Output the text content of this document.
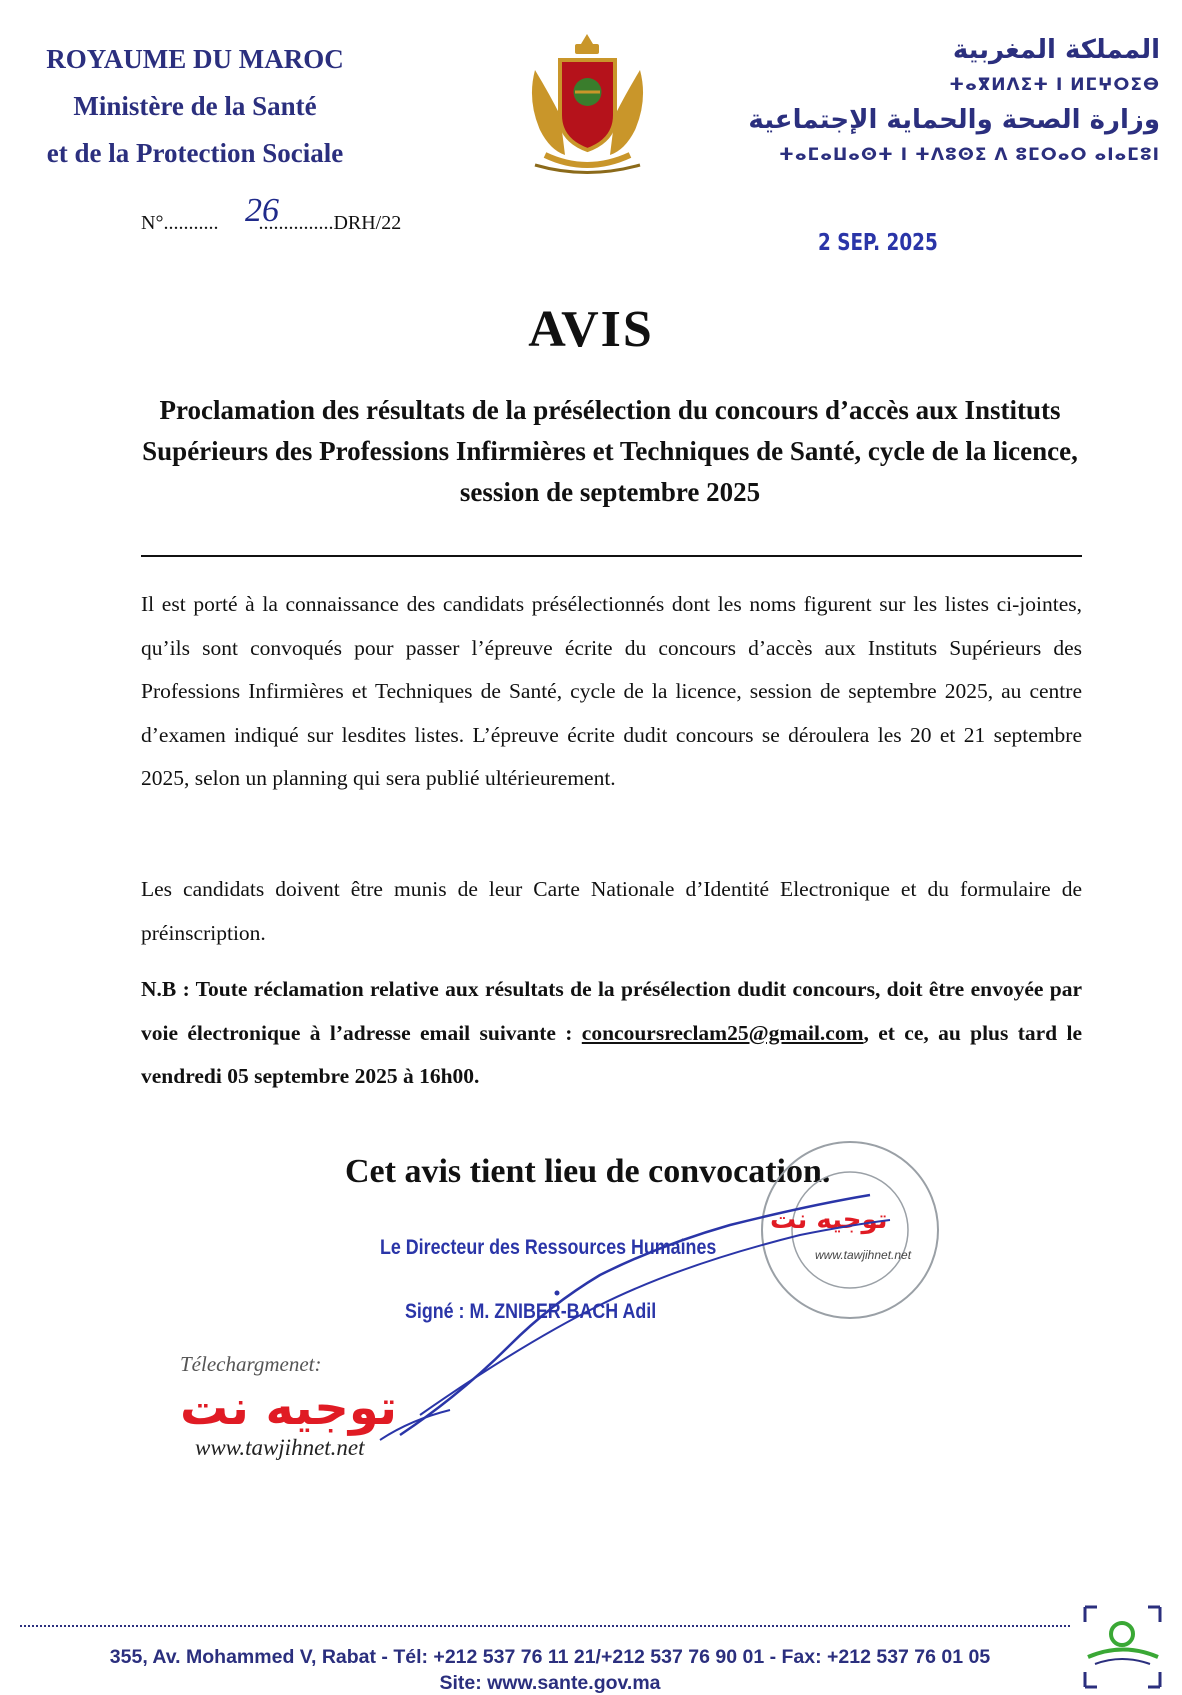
ROYAUME DU MAROC
Ministère de la Santé
et de la Protection Sociale
المملكة المغربية
ⵜⴰⴳⵍⴷⵉⵜ ⵏ ⵍⵎⵖⵔⵉⴱ
وزارة الصحة والحماية الإجتماعية
ⵜⴰⵎⴰⵡⴰⵙⵜ ⵏ ⵜⴷⵓⵙⵉ ⴷ ⵓⵎⵔⴰⵔ ⴰⵏⴰⵎⵓⵏ
N°........... ...............DRH/22
26
2 SEP. 2025
AVIS
Proclamation des résultats de la présélection du concours d’accès aux Instituts Supérieurs des Professions Infirmières et Techniques de Santé, cycle de la licence, session de septembre 2025
Il est porté à la connaissance des candidats présélectionnés dont les noms figurent sur les listes ci-jointes, qu’ils sont convoqués pour passer l’épreuve écrite du concours d’accès aux Instituts Supérieurs des Professions Infirmières et Techniques de Santé, cycle de la licence, session de septembre 2025, au centre d’examen indiqué sur lesdites listes. L’épreuve écrite dudit concours se déroulera les 20 et 21 septembre 2025, selon un planning qui sera publié ultérieurement.
Les candidats doivent être munis de leur Carte Nationale d’Identité Electronique et du formulaire de préinscription.
N.B : Toute réclamation relative aux résultats de la présélection dudit concours, doit être envoyée par voie électronique à l’adresse email suivante : concoursreclam25@gmail.com, et ce, au plus tard le vendredi 05 septembre 2025 à 16h00.
Cet avis tient lieu de convocation.
توجيه نت
www.tawjihnet.net
Le Directeur des Ressources Humaines
Signé : M. ZNIBER-BACH Adil
Télechargmenet:
توجيه نت
www.tawjihnet.net
355, Av. Mohammed V, Rabat - Tél: +212 537 76 11 21/+212 537 76 90 01 - Fax: +212 537 76 01 05
Site: www.sante.gov.ma
